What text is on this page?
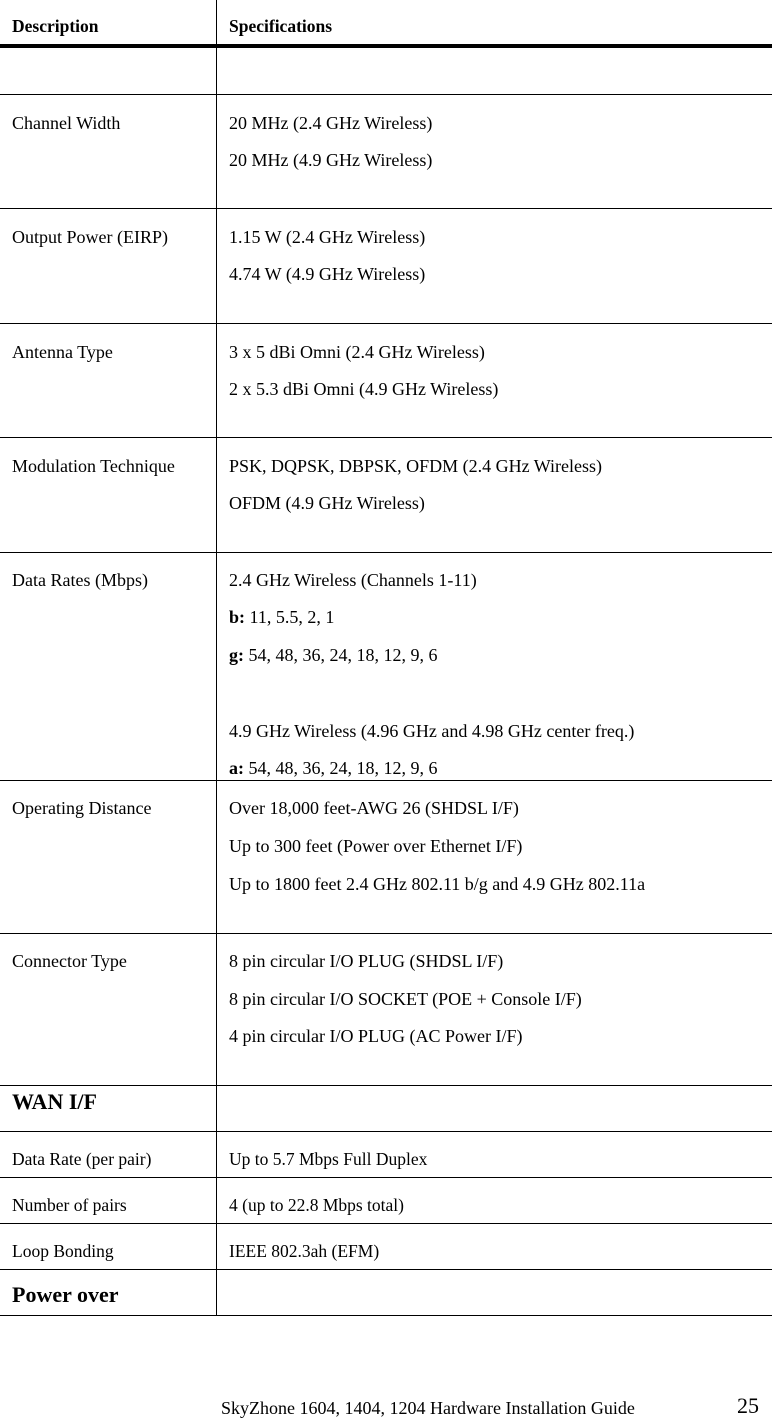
Description	Specifications
Channel Width	20 MHz (2.4 GHz Wireless)
20 MHz (4.9 GHz Wireless)
Output Power (EIRP)	1.15 W (2.4 GHz Wireless)
4.74 W (4.9 GHz Wireless)
Antenna Type	3 x 5 dBi Omni (2.4 GHz Wireless)
2 x 5.3 dBi Omni (4.9 GHz Wireless)
Modulation Technique	PSK, DQPSK, DBPSK, OFDM (2.4 GHz Wireless)
OFDM (4.9 GHz Wireless)
Data Rates (Mbps)	2.4 GHz Wireless (Channels 1-11)
b: 11, 5.5, 2, 1
g: 54, 48, 36, 24, 18, 12, 9, 6
4.9 GHz Wireless (4.96 GHz and 4.98 GHz center freq.)
a: 54, 48, 36, 24, 18, 12, 9, 6
Operating Distance	Over 18,000 feet-AWG 26 (SHDSL I/F)
Up to 300 feet (Power over Ethernet I/F)
Up to 1800 feet 2.4 GHz 802.11 b/g and 4.9 GHz 802.11a
Connector Type	8 pin circular I/O PLUG (SHDSL I/F)
8 pin circular I/O SOCKET (POE + Console I/F)
4 pin circular I/O PLUG (AC Power I/F)
WAN I/F
Data Rate (per pair)	Up to 5.7 Mbps Full Duplex
Number of pairs	4 (up to 22.8 Mbps total)
Loop Bonding	IEEE 802.3ah (EFM)
Power over
SkyZhone 1604, 1404, 1204 Hardware Installation Guide	25
